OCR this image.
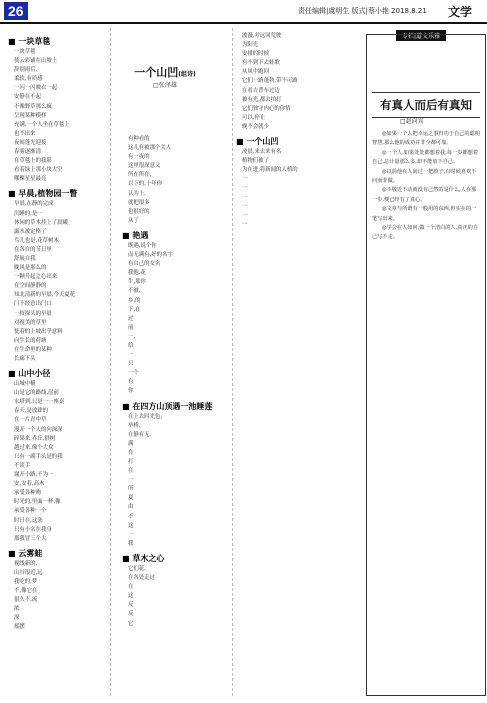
26	责任编辑|虞明生 版式|蔡小艳 2018.8.21 文学
■ 一块草毯
一块草毯
使云彩铺在山坡上
辞别雨后,
柔软,有质感
一闪一闪映衣一起
安静在不起
不像野草那么疯
呈现某种模样
充满,一个人坐在草毯上
也不出来
夜间蓬光迎接
春雾逐渐清
在草毯上的我影
看着绿上那小块大空
哪棵星星最亮
■ 早晨,植物园一瞥
早晨,在静的完成
沉睡的,是一
休闲的草木挂上了晨曦
露水被定格了
鸟儿也是,花草树木
在各自的节日里
舒展自我
晚风是那么的
一颗升起之心出来
在空间静静的
知北清新的早晨,今天夏花
门不经意出门口
一枝探头的早晨
对视美的草里
恍着的上坡出乎意料
向生长的荷塘
在生命里的某种
长廊下头
■ 山中小径
山城中横
山是它的路线,崖前
水塔到,只是一一座桌
春天,是放肆的
在一片青中草
漫开一个人的向深深
碎果来,乔丘,很树
越过来,像个大众
只有一副手头是的我
不谈手
谢开小路,不为一
安,安着,高木
承受各种吻
时光的,里面一杯,像
承受各种一个
时日在,这条
只有小名在我身
那我冒三个大
■ 云雾蛙
视线新的,
山谷很近,远
我吃的,梦
不,像它在
很久不,流
浓
深
摇摆
一个山凹(组诗)
□张泽雄
有种看的
这儿有被那个关人
有一夜的
这里很深意又
所在所在,
以下的,十年你
认为上,
就把很多
也很好的
从了
■ 艳遇
既遇,说个你
而无满有,好的名字
有自己的女名
我他,花
牛,那你
不被,
乡,的
下,在
过
前
一,
给
一
只
一个
有
你
■ 在四方山顶遇一池睡莲
在上去时光色,
举桥,
在静有无,
满
在
打
在
一
所
夏
由
不
这
一
我
■ 草木之心
它们花,
在各处走过
在
这
反
反
它
波漫,并远回荒驶
为阳光
安排的时候
有不到下去蛙歌
从风中跑回
它们一路蓬勃,带不可路
在看吉普车过边
被有光,都去拍打
它们独守内心的你情
可以,停止
晚不会就少
■ 一个山凹
凌晨,来去来有名
植物们被了
为在进,将新闻的人植的
一
一
一
一
一
一
专栏|道文乐雅
有真人而后有真知
□赵向宾

◎如果一个人把幸运之事归功于自己的聪明智慧,那么他的成功并非全都可靠。

◎一个人,如果处处都想着我,每一步都想着自己,总计量那么多,却不能放下自己。

◎以前他在人间过一把脸子,有时候喜欢不问而非做。

◎不敬近不动就没有己然的是什么,人在那一步,便已经有了真心。

◎文章与所谓有一般用的东西,但实在的一笔写出来。

◎学会在人如何,做一个清白的人,真正的自己写不走。
